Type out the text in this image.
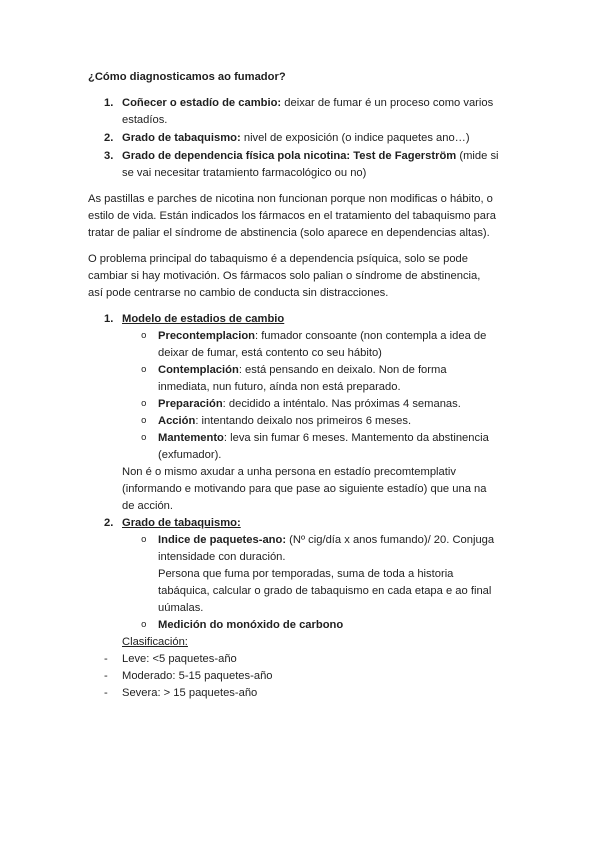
¿Cómo diagnosticamos ao fumador?
1. Coñecer o estadío de cambio: deixar de fumar é un proceso como varios
estadíos.
2. Grado de tabaquismo: nivel de exposición (o indice paquetes ano…)
3. Grado de dependencia física pola nicotina: Test de Fagerström (mide si
se vai necesitar tratamiento farmacológico ou no)
As pastillas e parches de nicotina non funcionan porque non modificas o hábito, o
estilo de vida. Están indicados los fármacos en el tratamiento del tabaquismo para
tratar de paliar el síndrome de abstinencia (solo aparece en dependencias altas).
O problema principal do tabaquismo é a dependencia psíquica, solo se pode
cambiar si hay motivación. Os fármacos solo palian o síndrome de abstinencia,
así pode centrarse no cambio de conducta sin distracciones.
1. Modelo de estadios de cambio
o Precontemplacion: fumador consoante (non contempla a idea de
deixar de fumar, está contento co seu hábito)
o Contemplación: está pensando en deixalo. Non de forma
inmediata, nun futuro, aínda non está preparado.
o Preparación: decidido a inténtalo. Nas próximas 4 semanas.
o Acción: intentando deixalo nos primeiros 6 meses.
o Mantemento: leva sin fumar 6 meses. Mantemento da abstinencia
(exfumador).
Non é o mismo axudar a unha persona en estadío precomtemplativ
(informando e motivando para que pase ao siguiente estadío) que una na
de acción.
2. Grado de tabaquismo:
o Indice de paquetes-ano: (Nº cig/día x anos fumando)/ 20. Conjuga
intensidade con duración.
Persona que fuma por temporadas, suma de toda a historia
tabáquica, calcular o grado de tabaquismo en cada etapa e ao final
uúmalas.
o Medición do monóxido de carbono
Clasificación:
- Leve: <5 paquetes-año
- Moderado: 5-15 paquetes-año
- Severa: > 15 paquetes-año
